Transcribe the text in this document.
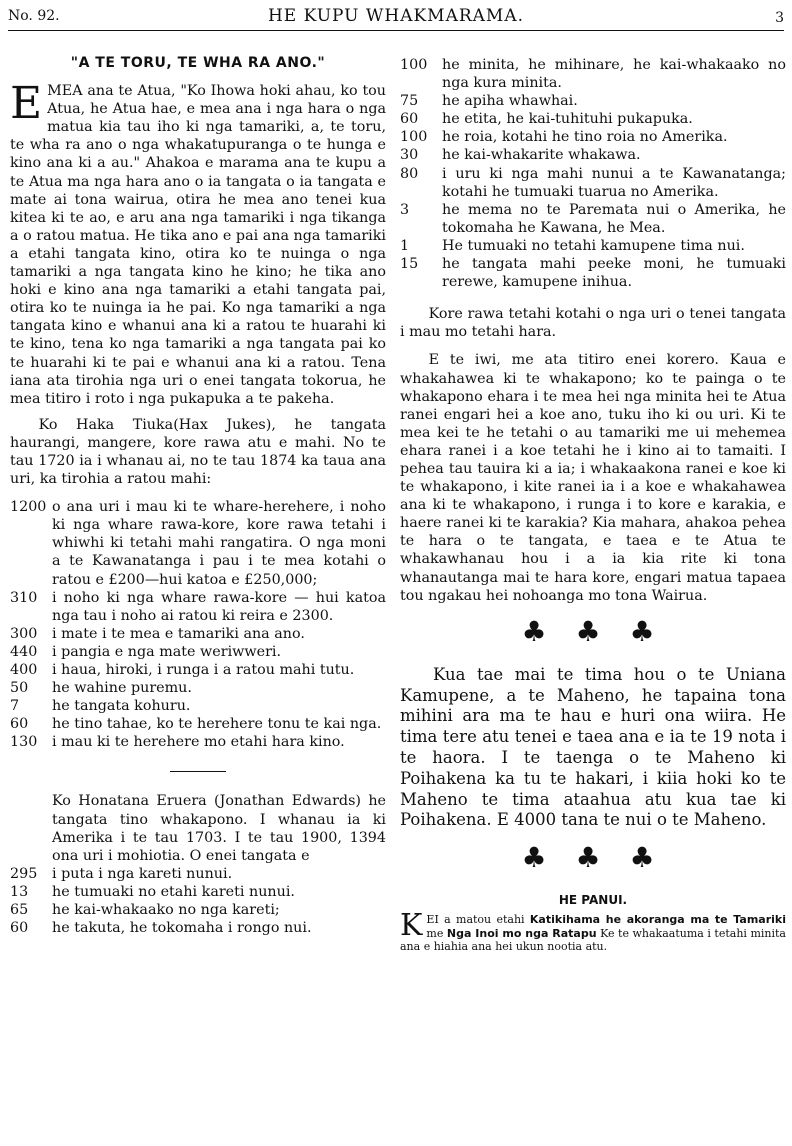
No. 92.	HE KUPU WHAKMARAMA.	3
"A TE TORU, TE WHA RA ANO."

EMEA ana te Atua, "Ko Ihowa hoki ahau, ko tou Atua, he Atua hae, e mea ana i nga hara o nga matua kia tau iho ki nga tamariki, a, te toru, te wha ra ano o nga whakatupuranga o te hunga e kino ana ki a au." Ahakoa e marama ana te kupu a te Atua ma nga hara ano o ia tangata o ia tangata e mate ai tona wairua, otira he mea ano tenei kua kitea ki te ao, e aru ana nga tamariki i nga tikanga a o ratou matua. He tika ano e pai ana nga tamariki a etahi tangata kino, otira ko te nuinga o nga tamariki a nga tangata kino he kino; he tika ano hoki e kino ana nga tamariki a etahi tangata pai, otira ko te nuinga ia he pai. Ko nga tamariki a nga tangata kino e whanui ana ki a ratou te huarahi ki te kino, tena ko nga tamariki a nga tangata pai ko te huarahi ki te pai e whanui ana ki a ratou. Tena iana ata tirohia nga uri o enei tangata tokorua, he mea titiro i roto i nga pukapuka a te pakeha.

Ko Haka Tiuka(Hax Jukes), he tangata haurangi, mangere, kore rawa atu e mahi. No te tau 1720 ia i whanau ai, no te tau 1874 ka taua ana uri, ka tirohia a ratou mahi:

1200 o ana uri i mau ki te whare-herehere, i noho ki nga whare rawa-kore, kore rawa tetahi i whiwhi ki tetahi mahi rangatira. O nga moni a te Kawanatanga i pau i te mea kotahi o ratou e £200—hui katoa e £250,000;
310	i noho ki nga whare rawa-kore — hui katoa nga tau i noho ai ratou ki reira e 2300.
300	i mate i te mea e tamariki ana ano.
440	i pangia e nga mate weriwweri.
400	i haua, hiroki, i runga i a ratou mahi tutu.
50	he wahine puremu.
7	he tangata kohuru.
60	he tino tahae, ko te herehere tonu te kai nga.
130	i mau ki te herehere mo etahi hara kino.
Ko Honatana Eruera (Jonathan Edwards) he tangata tino whakapono. I whanau ia ki Amerika i te tau 1703. I te tau 1900, 1394 ona uri i mohiotia. O enei tangata e
295	i puta i nga kareti nunui.
13	he tumuaki no etahi kareti nunui.
65	he kai-whakaako no nga kareti;
60	he takuta, he tokomaha i rongo nui.
100	he minita, he mihinare, he kai-whakaako no nga kura minita.
75	he apiha whawhai.
60	he etita, he kai-tuhituhi pukapuka.
100	he roia, kotahi he tino roia no Amerika.
30	he kai-whakarite whakawa.
80	i uru ki nga mahi nunui a te Kawanatanga; kotahi he tumuaki tuarua no Amerika.
3	he mema no te Paremata nui o Amerika, he tokomaha he Kawana, he Mea.
1	He tumuaki no tetahi kamupene tima nui.
15	he tangata mahi peeke moni, he tumuaki rerewe, kamupene inihua.

Kore rawa tetahi kotahi o nga uri o tenei tangata i mau mo tetahi hara.

E te iwi, me ata titiro enei korero. Kaua e whakahawea ki te whakapono; ko te painga o te whakapono ehara i te mea hei nga minita hei te Atua ranei engari hei a koe ano, tuku iho ki ou uri. Ki te mea kei te he tetahi o au tamariki me ui mehemea ehara ranei i a koe tetahi he i kino ai to tamaiti. I pehea tau tauira ki a ia; i whakaakona ranei e koe ki te whakapono, i kite ranei ia i a koe e whakahawea ana ki te whakapono, i runga i to kore e karakia, e haere ranei ki te karakia? Kia mahara, ahakoa pehea te hara o te tangata, e taea e te Atua te whakawhanau hou i a ia kia rite ki tona whanautanga mai te hara kore, engari matua tapaea tou ngakau hei nohoanga mo tona Wairua.

♣ ♣ ♣

Kua tae mai te tima hou o te Uniana Kamupene, a te Maheno, he tapaina tona mihini ara ma te hau e huri ona wiira. He tima tere atu tenei e taea ana e ia te 19 nota i te haora. I te taenga o te Maheno ki Poihakena ka tu te hakari, i kiia hoki ko te Maheno te tima ataahua atu kua tae ki Poihakena. E 4000 tana te nui o te Maheno.

♣ ♣ ♣
HE PANUI.

K EI a matou etahi Katikihama he akoranga ma te Tamariki me Nga Inoi mo nga Ratapu Ke te whakaatuma i tetahi minita ana e hiahia ana hei ukun nootia atu.
